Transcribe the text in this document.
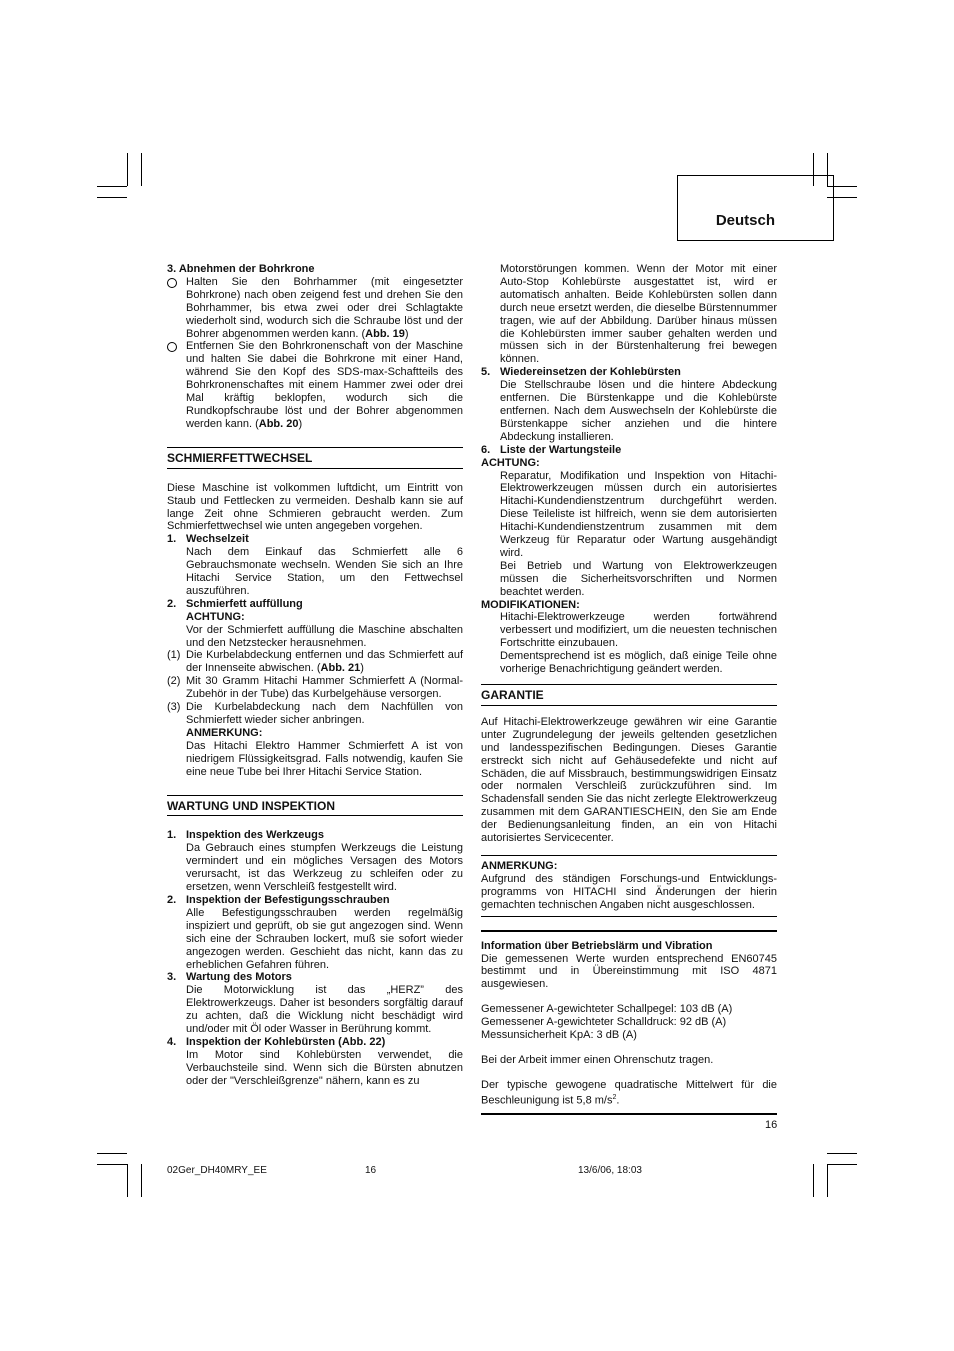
Deutsch

3. Abnehmen der Bohrkrone

Halten Sie den Bohrhammer (mit eingesetzter Bohrkrone) nach oben zeigend fest und drehen Sie den Bohrhammer, bis etwa zwei oder drei Schlagtakte wiederholt sind, wodurch sich die Schraube löst und der Bohrer abgenommen werden kann. (Abb. 19)
Entfernen Sie den Bohrkronenschaft von der Maschine und halten Sie dabei die Bohrkrone mit einer Hand, während Sie den Kopf des SDS-max-Schaftteils des Bohrkronenschaftes mit einem Hammer zwei oder drei Mal kräftig beklopfen, wodurch sich die Rundkopfschraube löst und der Bohrer abgenommen werden kann. (Abb. 20)

SCHMIERFETTWECHSEL

Diese Maschine ist volkommen luftdicht, um Eintritt von Staub und Fettlecken zu vermeiden. Deshalb kann sie auf lange Zeit ohne Schmieren gebraucht werden. Zum Schmierfettwechsel wie unten angegeben vorgehen.

1. Wechselzeit

Nach dem Einkauf das Schmierfett alle 6 Gebrauchsmonate wechseln. Wenden Sie sich an Ihre Hitachi Service Station, um den Fettwechsel auszuführen.

2. Schmierfett auffüllung

ACHTUNG:

Vor der Schmierfett auffüllung die Maschine abschalten und den Netzstecker herausnehmen.

(1) Die Kurbelabdeckung entfernen und das Schmierfett auf der Innenseite abwischen. (Abb. 21)
(2) Mit 30 Gramm Hitachi Hammer Schmierfett A (Normal-Zubehör in der Tube) das Kurbelgehäuse versorgen.
(3) Die Kurbelabdeckung nach dem Nachfüllen von Schmierfett wieder sicher anbringen.

ANMERKUNG:

Das Hitachi Elektro Hammer Schmierfett A ist von niedrigem Flüssigkeitsgrad. Falls notwendig, kaufen Sie eine neue Tube bei Ihrer Hitachi Service Station.

WARTUNG UND INSPEKTION

1. Inspektion des Werkzeugs

Da Gebrauch eines stumpfen Werkzeugs die Leistung vermindert und ein mögliches Versagen des Motors verursacht, ist das Werkzeug zu schleifen oder zu ersetzen, wenn Verschleiß festgestellt wird.

2. Inspektion der Befestigungsschrauben

Alle Befestigungsschrauben werden regelmäßig inspiziert und geprüft, ob sie gut angezogen sind. Wenn sich eine der Schrauben lockert, muß sie sofort wieder angezogen werden. Geschieht das nicht, kann das zu erheblichen Gefahren führen.

3. Wartung des Motors

Die Motorwicklung ist das „HERZ” des Elektrowerkzeugs. Daher ist besonders sorgfältig darauf zu achten, daß die Wicklung nicht beschädigt wird und/oder mit Öl oder Wasser in Berührung kommt.

4. Inspektion der Kohlebürsten (Abb. 22)

Im Motor sind Kohlebürsten verwendet, die Verbauchsteile sind. Wenn sich die Bürsten abnutzen oder der "Verschleißgrenze" nähern, kann es zu

Motorstörungen kommen. Wenn der Motor mit einer Auto-Stop Kohlebürste ausgestattet ist, wird er automatisch anhalten. Beide Kohlebürsten sollen dann durch neue ersetzt werden, die dieselbe Bürstennummer tragen, wie auf der Abbildung. Darüber hinaus müssen die Kohlebürsten immer sauber gehalten werden und müssen sich in der Bürstenhalterung frei bewegen können.

5. Wiedereinsetzen der Kohlebürsten

Die Stellschraube lösen und die hintere Abdeckung entfernen. Die Bürstenkappe und die Kohlebürste entfernen. Nach dem Auswechseln der Kohlebürste die Bürstenkappe sicher anziehen und die hintere Abdeckung installieren.

6. Liste der Wartungsteile

ACHTUNG:

Reparatur, Modifikation und Inspektion von Hitachi-Elektrowerkzeugen müssen durch ein autorisiertes Hitachi-Kundendienstzentrum durchgeführt werden. Diese Teileliste ist hilfreich, wenn sie dem autorisierten Hitachi-Kundendienstzentrum zusammen mit dem Werkzeug für Reparatur oder Wartung ausgehändigt wird.

Bei Betrieb und Wartung von Elektrowerkzeugen müssen die Sicherheitsvorschriften und Normen beachtet werden.

MODIFIKATIONEN:

Hitachi-Elektrowerkzeuge werden fortwährend verbessert und modifiziert, um die neuesten technischen Fortschritte einzubauen.

Dementsprechend ist es möglich, daß einige Teile ohne vorherige Benachrichtigung geändert werden.

GARANTIE

Auf Hitachi-Elektrowerkzeuge gewähren wir eine Garantie unter Zugrundelegung der jeweils geltenden gesetzlichen und landesspezifischen Bedingungen. Dieses Garantie erstreckt sich nicht auf Gehäusedefekte und nicht auf Schäden, die auf Missbrauch, bestimmungswidrigen Einsatz oder normalen Verschleiß zurückzuführen sind. Im Schadensfall senden Sie das nicht zerlegte Elektrowerkzeug zusammen mit dem GARANTIESCHEIN, den Sie am Ende der Bedienungsanleitung finden, an ein von Hitachi autorisiertes Servicecenter.

ANMERKUNG:

Aufgrund des ständigen Forschungs-und Entwicklungs-programms von HITACHI sind Änderungen der hierin gemachten technischen Angaben nicht ausgeschlossen.

Information über Betriebslärm und Vibration

Die gemessenen Werte wurden entsprechend EN60745 bestimmt und in Übereinstimmung mit ISO 4871 ausgewiesen.

Gemessener A-gewichteter Schallpegel: 103 dB (A)

Gemessener A-gewichteter Schalldruck: 92 dB (A)

Messunsicherheit KpA: 3 dB (A)

Bei der Arbeit immer einen Ohrenschutz tragen.

Der typische gewogene quadratische Mittelwert für die Beschleunigung ist 5,8 $m/s^2$.

16
02Ger_DH40MRY_EE	16	13/6/06, 18:03
